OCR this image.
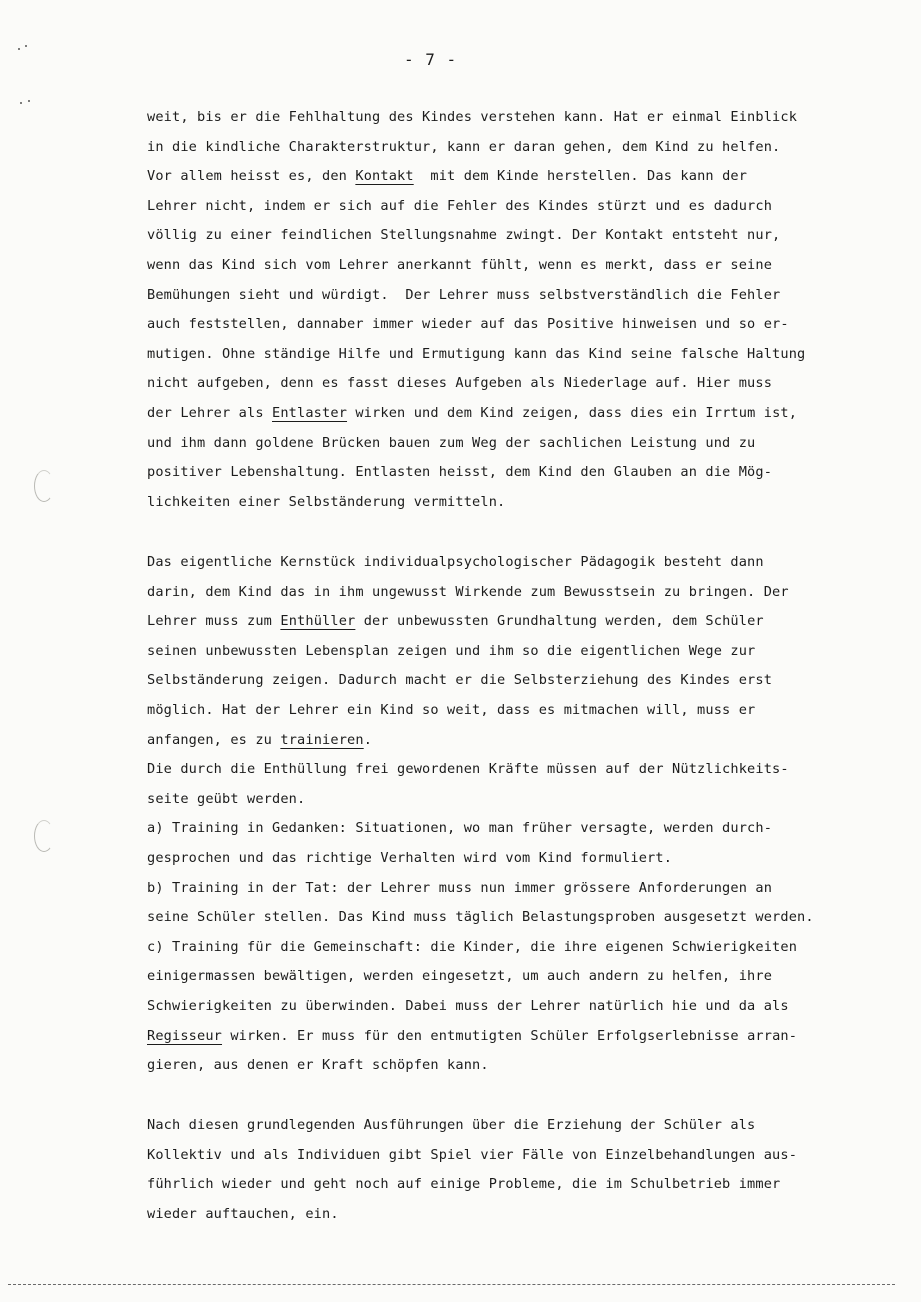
- 7 -
weit, bis er die Fehlhaltung des Kindes verstehen kann. Hat er einmal Einblick
in die kindliche Charakterstruktur, kann er daran gehen, dem Kind zu helfen.
Vor allem heisst es, den Kontakt  mit dem Kinde herstellen. Das kann der
Lehrer nicht, indem er sich auf die Fehler des Kindes stürzt und es dadurch
völlig zu einer feindlichen Stellungsnahme zwingt. Der Kontakt entsteht nur,
wenn das Kind sich vom Lehrer anerkannt fühlt, wenn es merkt, dass er seine
Bemühungen sieht und würdigt.  Der Lehrer muss selbstverständlich die Fehler
auch feststellen, dannaber immer wieder auf das Positive hinweisen und so er-
mutigen. Ohne ständige Hilfe und Ermutigung kann das Kind seine falsche Haltung
nicht aufgeben, denn es fasst dieses Aufgeben als Niederlage auf. Hier muss
der Lehrer als Entlaster wirken und dem Kind zeigen, dass dies ein Irrtum ist,
und ihm dann goldene Brücken bauen zum Weg der sachlichen Leistung und zu
positiver Lebenshaltung. Entlasten heisst, dem Kind den Glauben an die Mög-
lichkeiten einer Selbständerung vermitteln.
Das eigentliche Kernstück individualpsychologischer Pädagogik besteht dann
darin, dem Kind das in ihm ungewusst Wirkende zum Bewusstsein zu bringen. Der
Lehrer muss zum Enthüller der unbewussten Grundhaltung werden, dem Schüler
seinen unbewussten Lebensplan zeigen und ihm so die eigentlichen Wege zur
Selbständerung zeigen. Dadurch macht er die Selbsterziehung des Kindes erst
möglich. Hat der Lehrer ein Kind so weit, dass es mitmachen will, muss er
anfangen, es zu trainieren.
Die durch die Enthüllung frei gewordenen Kräfte müssen auf der Nützlichkeits-
seite geübt werden.
a) Training in Gedanken: Situationen, wo man früher versagte, werden durch-
gesprochen und das richtige Verhalten wird vom Kind formuliert.
b) Training in der Tat: der Lehrer muss nun immer grössere Anforderungen an
seine Schüler stellen. Das Kind muss täglich Belastungsproben ausgesetzt werden.
c) Training für die Gemeinschaft: die Kinder, die ihre eigenen Schwierigkeiten
einigermassen bewältigen, werden eingesetzt, um auch andern zu helfen, ihre
Schwierigkeiten zu überwinden. Dabei muss der Lehrer natürlich hie und da als
Regisseur wirken. Er muss für den entmutigten Schüler Erfolgserlebnisse arran-
gieren, aus denen er Kraft schöpfen kann.
Nach diesen grundlegenden Ausführungen über die Erziehung der Schüler als
Kollektiv und als Individuen gibt Spiel vier Fälle von Einzelbehandlungen aus-
führlich wieder und geht noch auf einige Probleme, die im Schulbetrieb immer
wieder auftauchen, ein.
